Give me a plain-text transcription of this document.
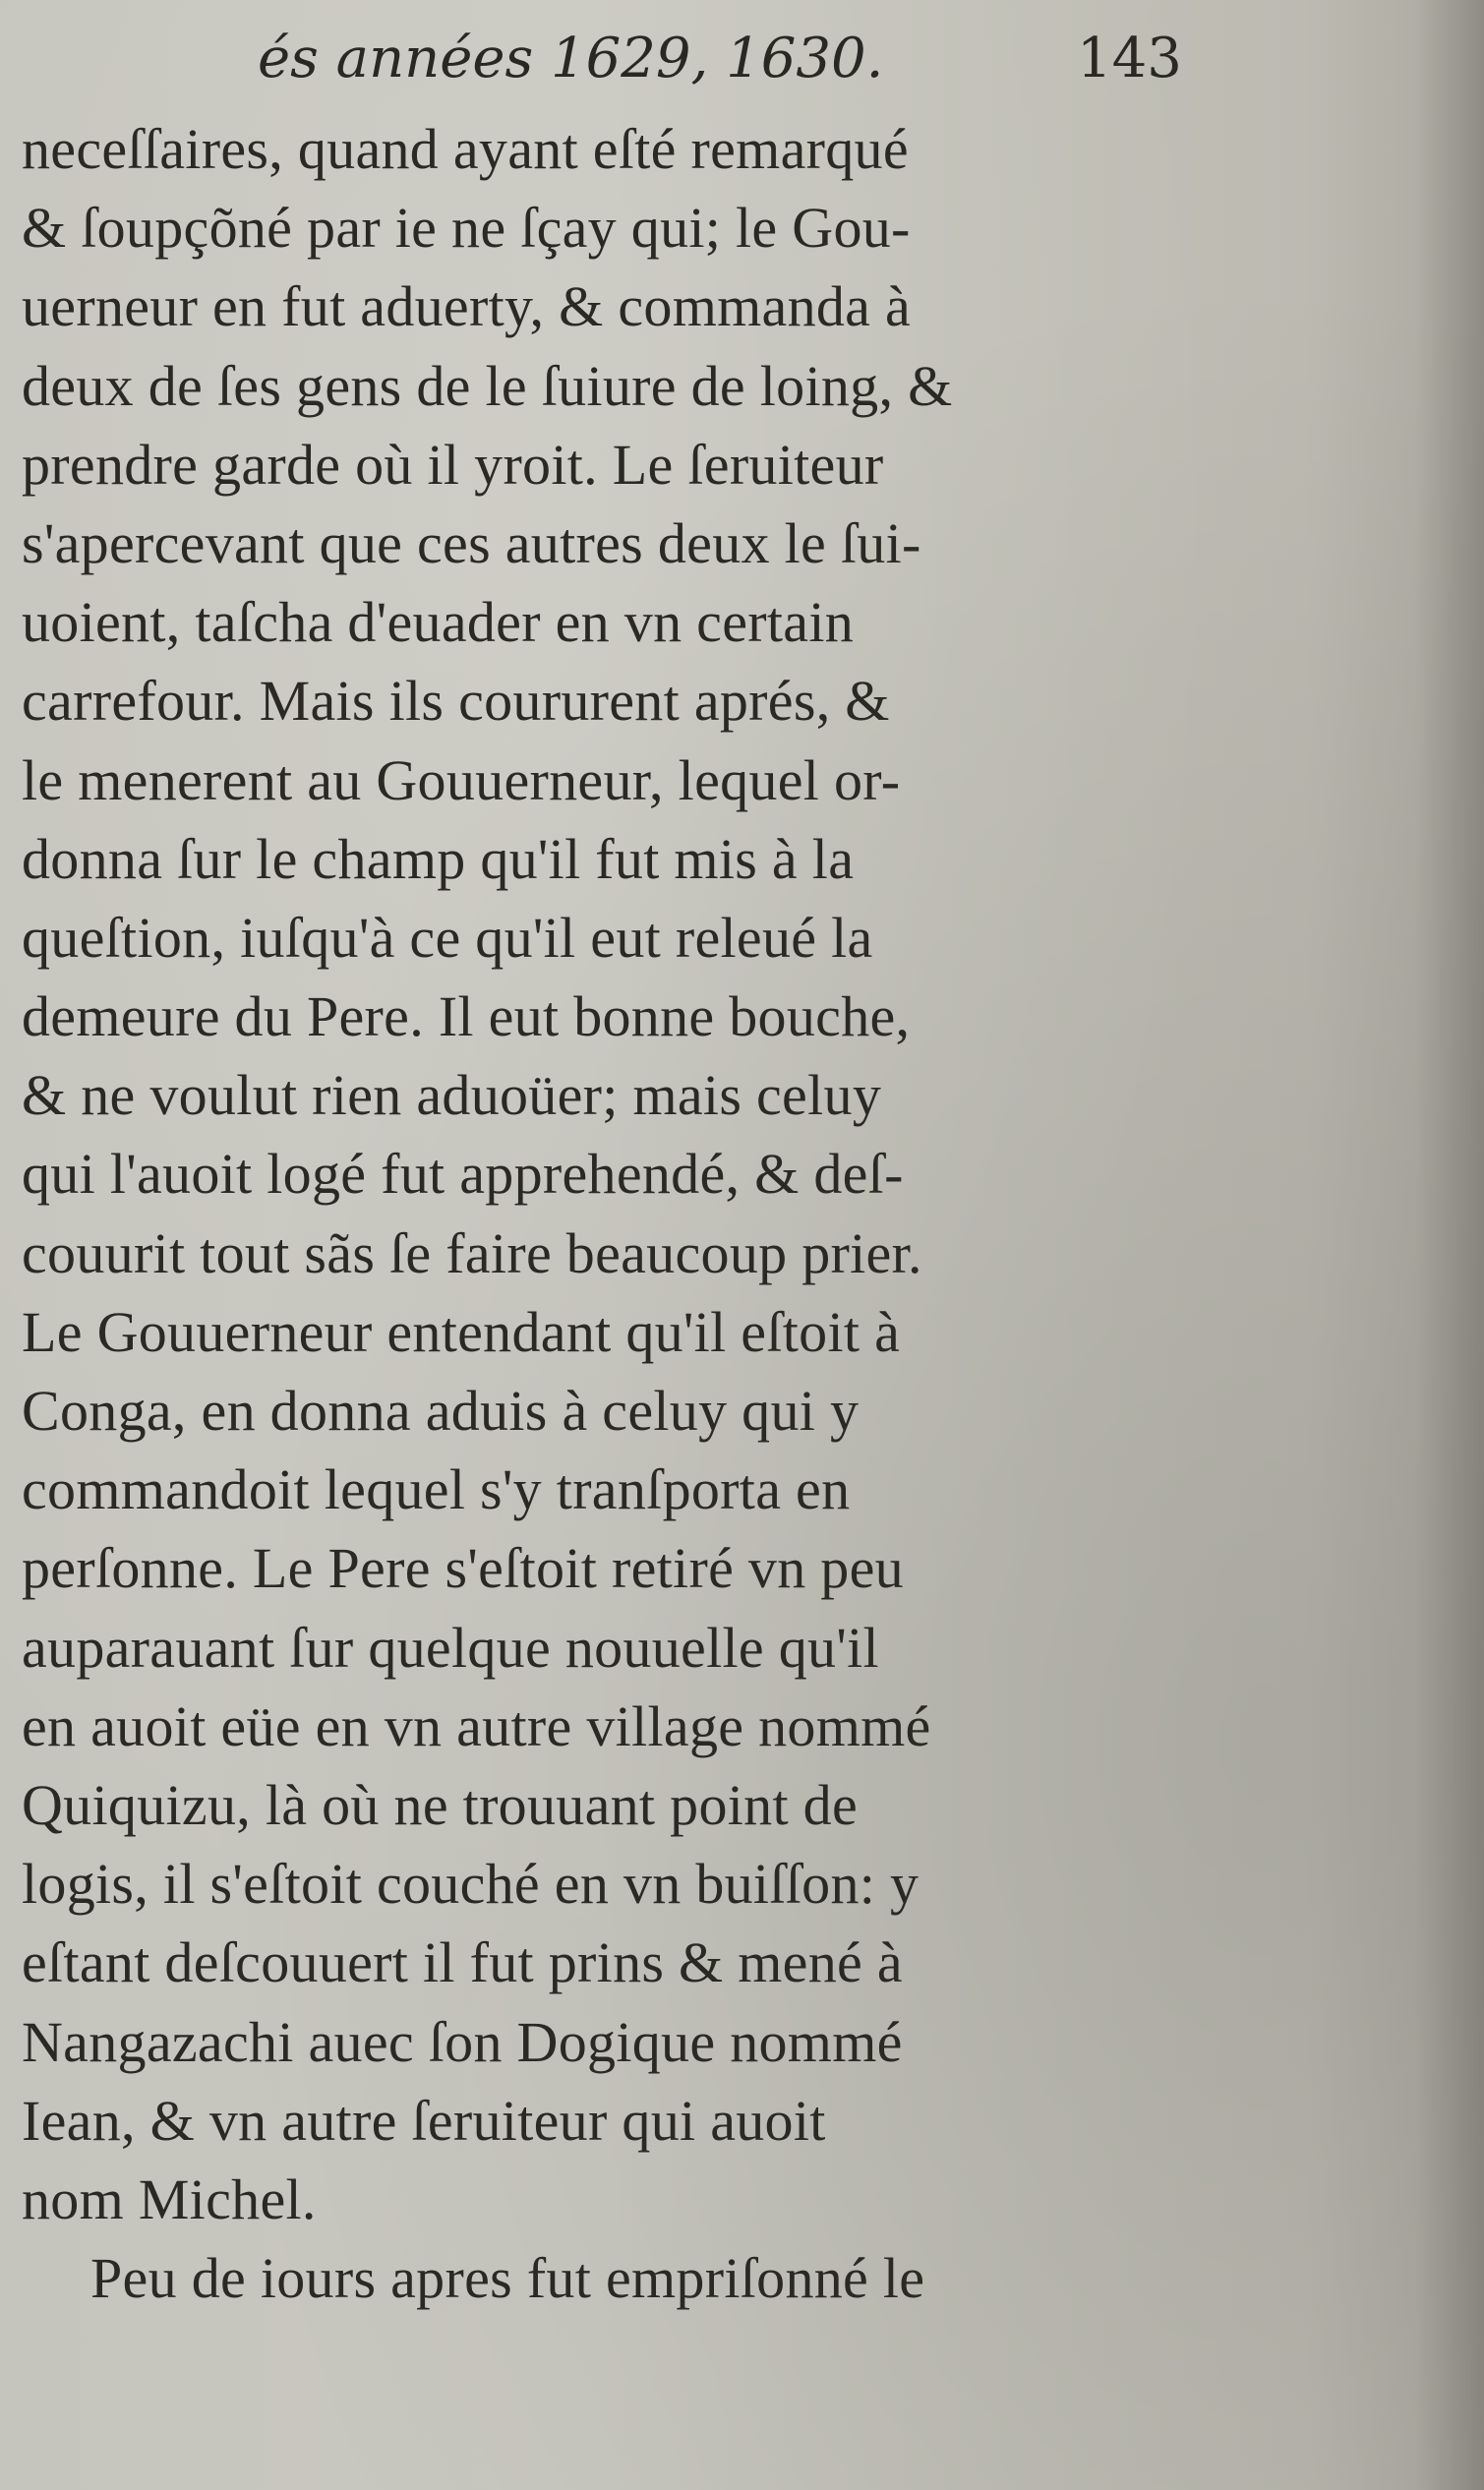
és années 1629, 1630.	143
neceſſaires, quand ayant eſté remarqué
& ſoupçõné par ie ne ſçay qui; le Gou-
uerneur en fut aduerty, & commanda à
deux de ſes gens de le ſuiure de loing, &
prendre garde où il yroit. Le ſeruiteur
s'apercevant que ces autres deux le ſui-
uoient, taſcha d'euader en vn certain
carrefour. Mais ils coururent aprés, &
le menerent au Gouuerneur, lequel or-
donna ſur le champ qu'il fut mis à la
queſtion, iuſqu'à ce qu'il eut releué la
demeure du Pere. Il eut bonne bouche,
& ne voulut rien aduoüer; mais celuy
qui l'auoit logé fut apprehendé, & deſ-
couurit tout sãs ſe faire beaucoup prier.
Le Gouuerneur entendant qu'il eſtoit à
Conga, en donna aduis à celuy qui y
commandoit lequel s'y tranſporta en
perſonne. Le Pere s'eſtoit retiré vn peu
auparauant ſur quelque nouuelle qu'il
en auoit eüe en vn autre village nommé
Quiquizu, là où ne trouuant point de
logis, il s'eſtoit couché en vn buiſſon: y
eſtant deſcouuert il fut prins & mené à
Nangazachi auec ſon Dogique nommé
Iean, & vn autre ſeruiteur qui auoit
nom Michel.
Peu de iours apres fut empriſonné le
